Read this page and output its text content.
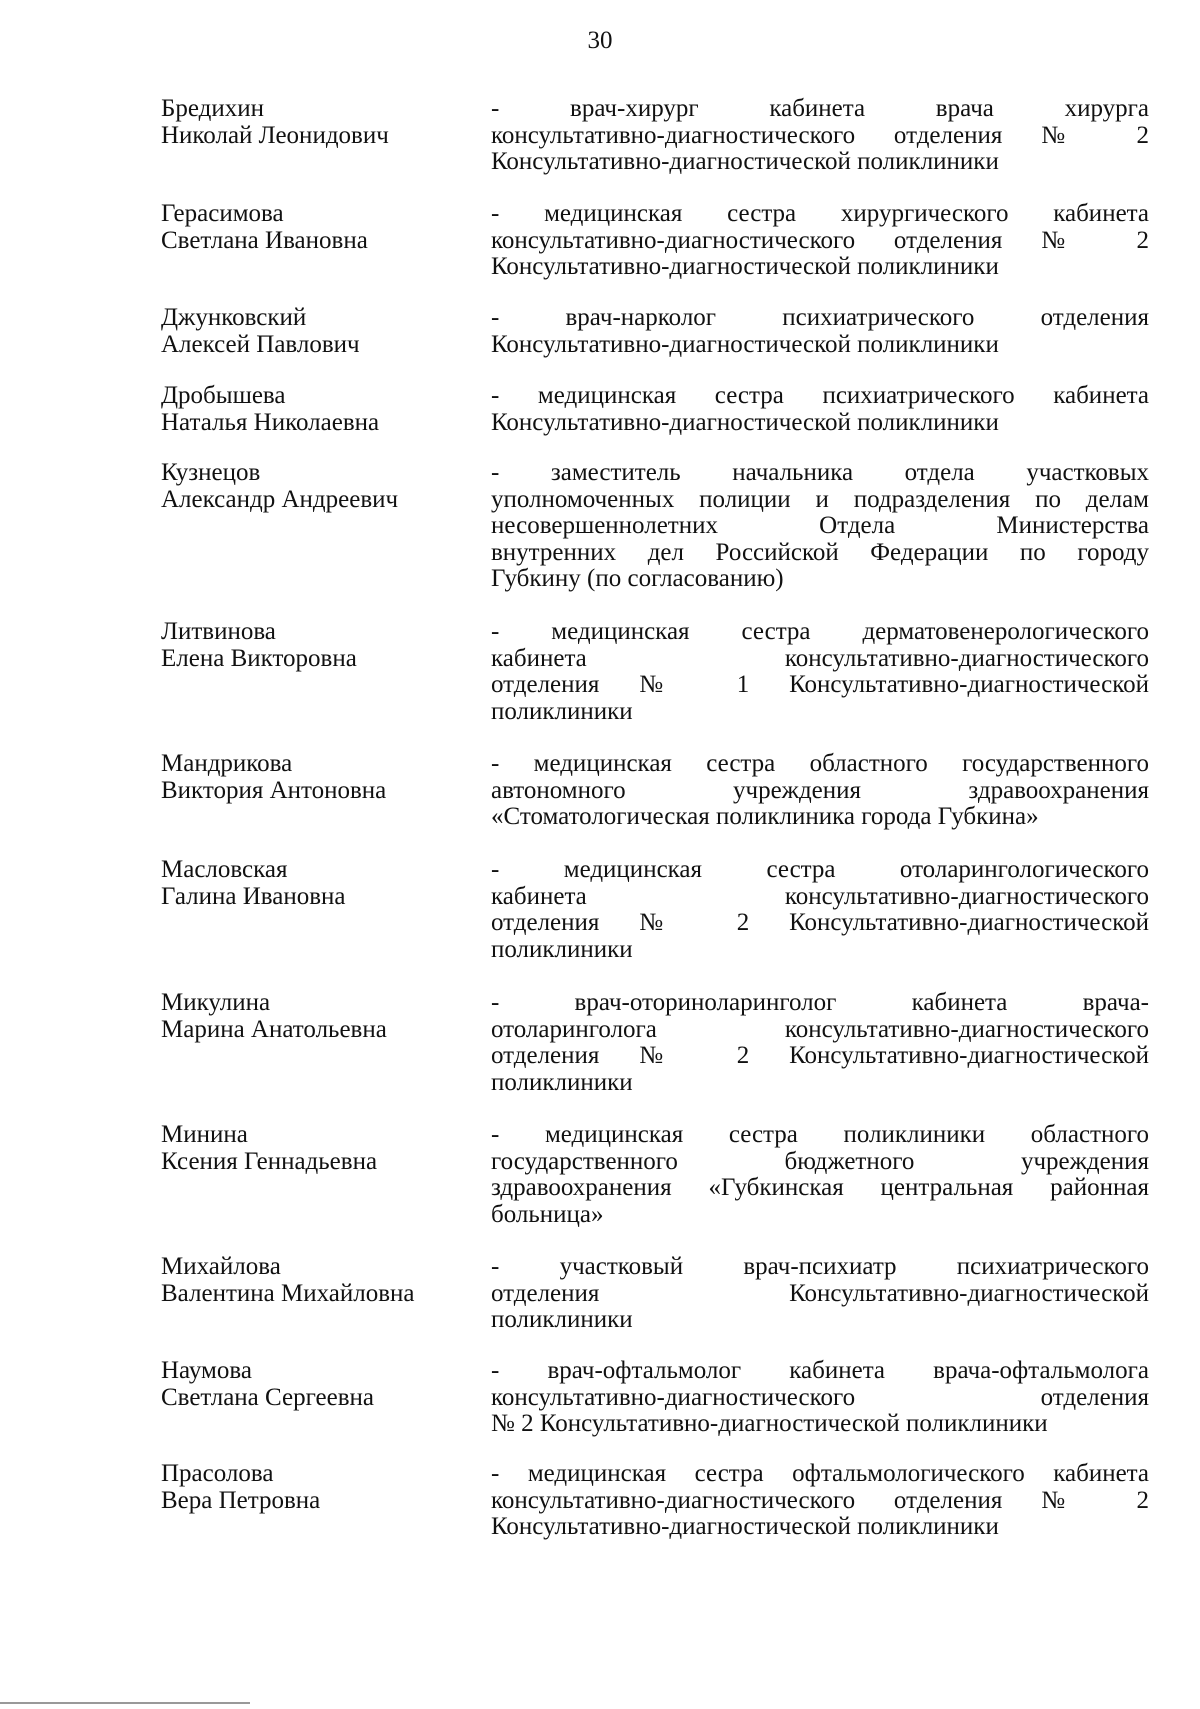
30
Бредихин
Николай Леонидович
- врач-хирург кабинета врача хирурга
консультативно-диагностического отделения № 2
Консультативно-диагностической поликлиники
Герасимова
Светлана Ивановна
- медицинская сестра хирургического кабинета
консультативно-диагностического отделения № 2
Консультативно-диагностической поликлиники
Джунковский
Алексей Павлович
- врач-нарколог психиатрического отделения
Консультативно-диагностической поликлиники
Дробышева
Наталья Николаевна
- медицинская сестра психиатрического кабинета
Консультативно-диагностической поликлиники
Кузнецов
Александр Андреевич
- заместитель начальника отдела участковых
уполномоченных полиции и подразделения по делам
несовершеннолетних Отдела Министерства
внутренних дел Российской Федерации по городу
Губкину (по согласованию)
Литвинова
Елена Викторовна
- медицинская сестра дерматовенерологического
кабинета консультативно-диагностического
отделения № 1 Консультативно-диагностической
поликлиники
Мандрикова
Виктория Антоновна
- медицинская сестра областного государственного
автономного учреждения здравоохранения
«Стоматологическая поликлиника города Губкина»
Масловская
Галина Ивановна
- медицинская сестра отоларингологического
кабинета консультативно-диагностического
отделения № 2 Консультативно-диагностической
поликлиники
Микулина
Марина Анатольевна
- врач-оториноларинголог кабинета врача-
отоларинголога консультативно-диагностического
отделения № 2 Консультативно-диагностической
поликлиники
Минина
Ксения Геннадьевна
- медицинская сестра поликлиники областного
государственного бюджетного учреждения
здравоохранения «Губкинская центральная районная
больница»
Михайлова
Валентина Михайловна
- участковый врач-психиатр психиатрического
отделения Консультативно-диагностической
поликлиники
Наумова
Светлана Сергеевна
- врач-офтальмолог кабинета врача-офтальмолога
консультативно-диагностического отделения
№ 2 Консультативно-диагностической поликлиники
Прасолова
Вера Петровна
- медицинская сестра офтальмологического кабинета
консультативно-диагностического отделения № 2
Консультативно-диагностической поликлиники
